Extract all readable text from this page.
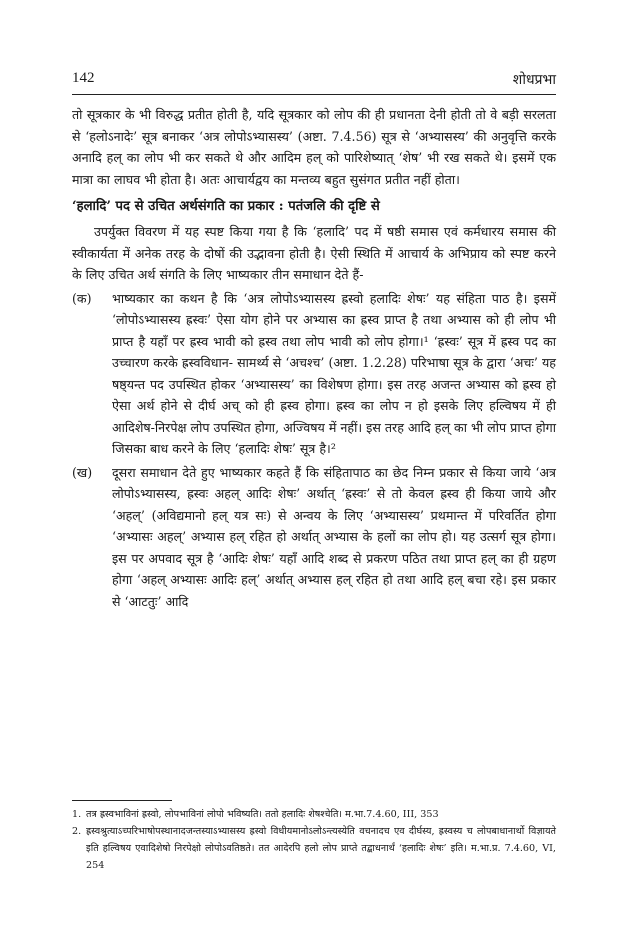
142	शोधप्रभा

तो सूत्रकार के भी विरुद्ध प्रतीत होती है, यदि सूत्रकार को लोप की ही प्रधानता देनी होती तो वे बड़ी सरलता से ‘हलोऽनादेः’ सूत्र बनाकर ‘अत्र लोपोऽभ्यासस्य’ (अष्टा. 7.4.56) सूत्र से ‘अभ्यासस्य’ की अनुवृत्ति करके अनादि हल् का लोप भी कर सकते थे और आदिम हल् को पारिशेष्यात् ‘शेष’ भी रख सकते थे। इसमें एक मात्रा का लाघव भी होता है। अतः आचार्यद्वय का मन्तव्य बहुत सुसंगत प्रतीत नहीं होता।

‘हलादि’ पद से उचित अर्थसंगति का प्रकार : पतंजलि की दृष्टि से

उपर्युक्त विवरण में यह स्पष्ट किया गया है कि ‘हलादि’ पद में षष्ठी समास एवं कर्मधारय समास की स्वीकार्यता में अनेक तरह के दोषों की उद्भावना होती है। ऐसी स्थिति में आचार्य के अभिप्राय को स्पष्ट करने के लिए उचित अर्थ संगति के लिए भाष्यकार तीन समाधान देते हैं-

(क)	भाष्यकार का कथन है कि ‘अत्र लोपोऽभ्यासस्य ह्रस्वो हलादिः शेषः’ यह संहिता पाठ है। इसमें ‘लोपोऽभ्यासस्य ह्रस्वः’ ऐसा योग होने पर अभ्यास का ह्रस्व प्राप्त है तथा अभ्यास को ही लोप भी प्राप्त है यहाँ पर ह्रस्व भावी को ह्रस्व तथा लोप भावी को लोप होगा।¹ ‘ह्रस्वः’ सूत्र में ह्रस्व पद का उच्चारण करके ह्रस्वविधान- सामर्थ्य से ‘अचश्च’ (अष्टा. 1.2.28) परिभाषा सूत्र के द्वारा ‘अचः’ यह षष्ठ्यन्त पद उपस्थित होकर ‘अभ्यासस्य’ का विशेषण होगा। इस तरह अजन्त अभ्यास को ह्रस्व हो ऐसा अर्थ होने से दीर्घ अच् को ही ह्रस्व होगा। ह्रस्व का लोप न हो इसके लिए हल्विषय में ही आदिशेष-निरपेक्ष लोप उपस्थित होगा, अज्विषय में नहीं। इस तरह आदि हल् का भी लोप प्राप्त होगा जिसका बाध करने के लिए ‘हलादिः शेषः’ सूत्र है।²

(ख)	दूसरा समाधान देते हुए भाष्यकार कहते हैं कि संहितापाठ का छेद निम्न प्रकार से किया जाये ‘अत्र लोपोऽभ्यासस्य, ह्रस्वः अहल् आदिः शेषः’ अर्थात् ‘ह्रस्वः’ से तो केवल ह्रस्व ही किया जाये और ‘अहल्’ (अविद्यमानो हल् यत्र सः) से अन्वय के लिए ‘अभ्यासस्य’ प्रथमान्त में परिवर्तित होगा ‘अभ्यासः अहल्’ अभ्यास हल् रहित हो अर्थात् अभ्यास के हलों का लोप हो। यह उत्सर्ग सूत्र होगा। इस पर अपवाद सूत्र है ‘आदिः शेषः’ यहाँ आदि शब्द से प्रकरण पठित तथा प्राप्त हल् का ही ग्रहण होगा ‘अहल् अभ्यासः आदिः हल्’ अर्थात् अभ्यास हल् रहित हो तथा आदि हल् बचा रहे। इस प्रकार से ‘आटतुः’ आदि

1. तत्र ह्रस्वभाविनां ह्रस्वो, लोपभाविनां लोपो भविष्यति। ततो हलादिः शेषश्चेति। म.भा.7.4.60, III, 353
2. ह्रस्वश्रुत्याऽच्परिभाषोपस्थानादजन्तस्याऽभ्यासस्य ह्रस्वो विधीयमानोऽलोऽन्त्यस्येति वचनादच एव दीर्घस्य, ह्रस्वस्य च लोपबाधानार्थो विज्ञायते इति हल्विषय एवादिशेषो निरपेक्षो लोपोऽवतिष्ठते। तत आदेरपि हलो लोप प्राप्ते तद्बाधनार्थं ‘हलादिः शेषः’ इति। म.भा.प्र. 7.4.60, VI, 254
